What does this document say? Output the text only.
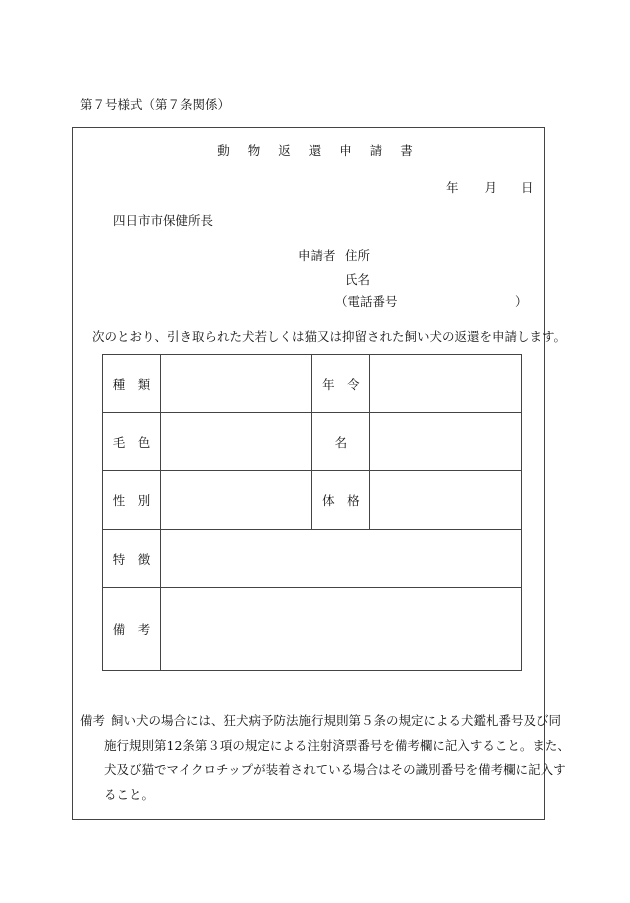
第７号様式（第７条関係）
動 物 返 還 申 請 書
年 月 日
四日市市保健所長
申請者 住所
氏名
（電話番号	）
次のとおり、引き取られた犬若しくは猫又は抑留された飼い犬の返還を申請します。
種　類		年　令	
毛　色		名	
性　別		体　格	
特　徴			
備　考			
備考 飼い犬の場合には、狂犬病予防法施行規則第５条の規定による犬鑑札番号及び同
施行規則第12条第３項の規定による注射済票番号を備考欄に記入すること。また、
犬及び猫でマイクロチップが装着されている場合はその識別番号を備考欄に記入す
ること。
